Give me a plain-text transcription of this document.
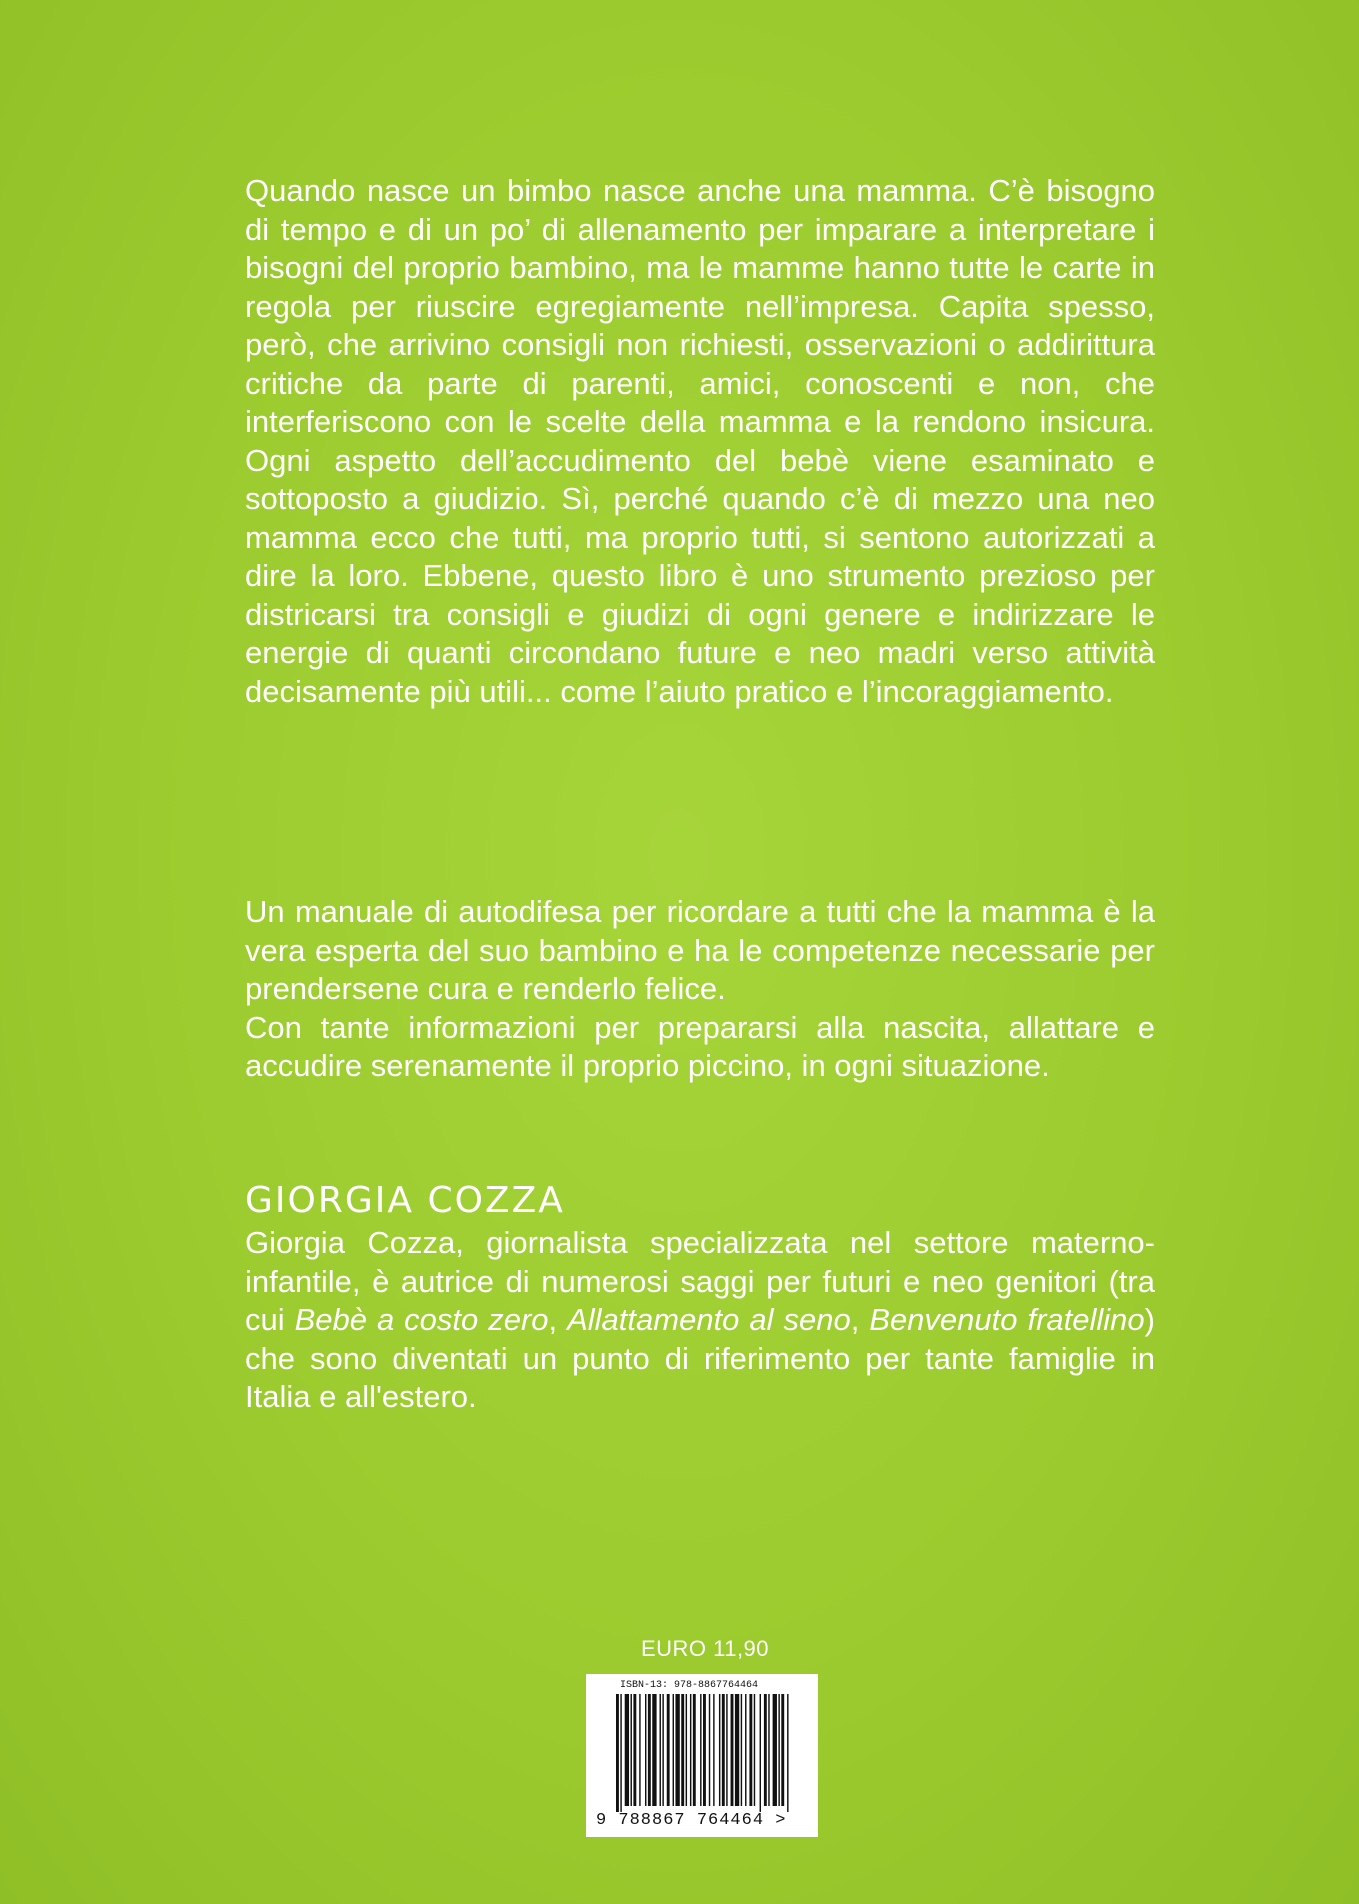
Quando nasce un bimbo nasce anche una mamma. C’è bisogno di tempo e di un po’ di allenamento per imparare a interpretare i bisogni del proprio bambino, ma le mamme hanno tutte le carte in regola per riuscire egregiamente nell’impresa. Capita spesso, però, che arrivino consigli non richiesti, osservazioni o addirittura critiche da parte di parenti, amici, conoscenti e non, che interferiscono con le scelte della mamma e la rendono insicura. Ogni aspetto dell’accudimento del bebè viene esaminato e sottoposto a giudizio. Sì, perché quando c’è di mezzo una neo mamma ecco che tutti, ma proprio tutti, si sentono autorizzati a dire la loro. Ebbene, questo libro è uno strumento prezioso per districarsi tra consigli e giudizi di ogni genere e indirizzare le energie di quanti circondano future e neo madri verso attività decisamente più utili... come l’aiuto pratico e l’incoraggiamento.

Un manuale di autodifesa per ricordare a tutti che la mamma è la vera esperta del suo bambino e ha le competenze necessarie per prendersene cura e renderlo felice.

Con tante informazioni per prepararsi alla nascita, allattare e accudire serenamente il proprio piccino, in ogni situazione.

GIORGIA COZZA
Giorgia Cozza, giornalista specializzata nel settore materno-infantile, è autrice di numerosi saggi per futuri e neo genitori (tra cui Bebè a costo zero, Allattamento al seno, Benvenuto fratellino) che sono diventati un punto di riferimento per tante famiglie in Italia e all'estero.
EURO 11,90
ISBN-13: 978-8867764464
9 788867 764464 >
